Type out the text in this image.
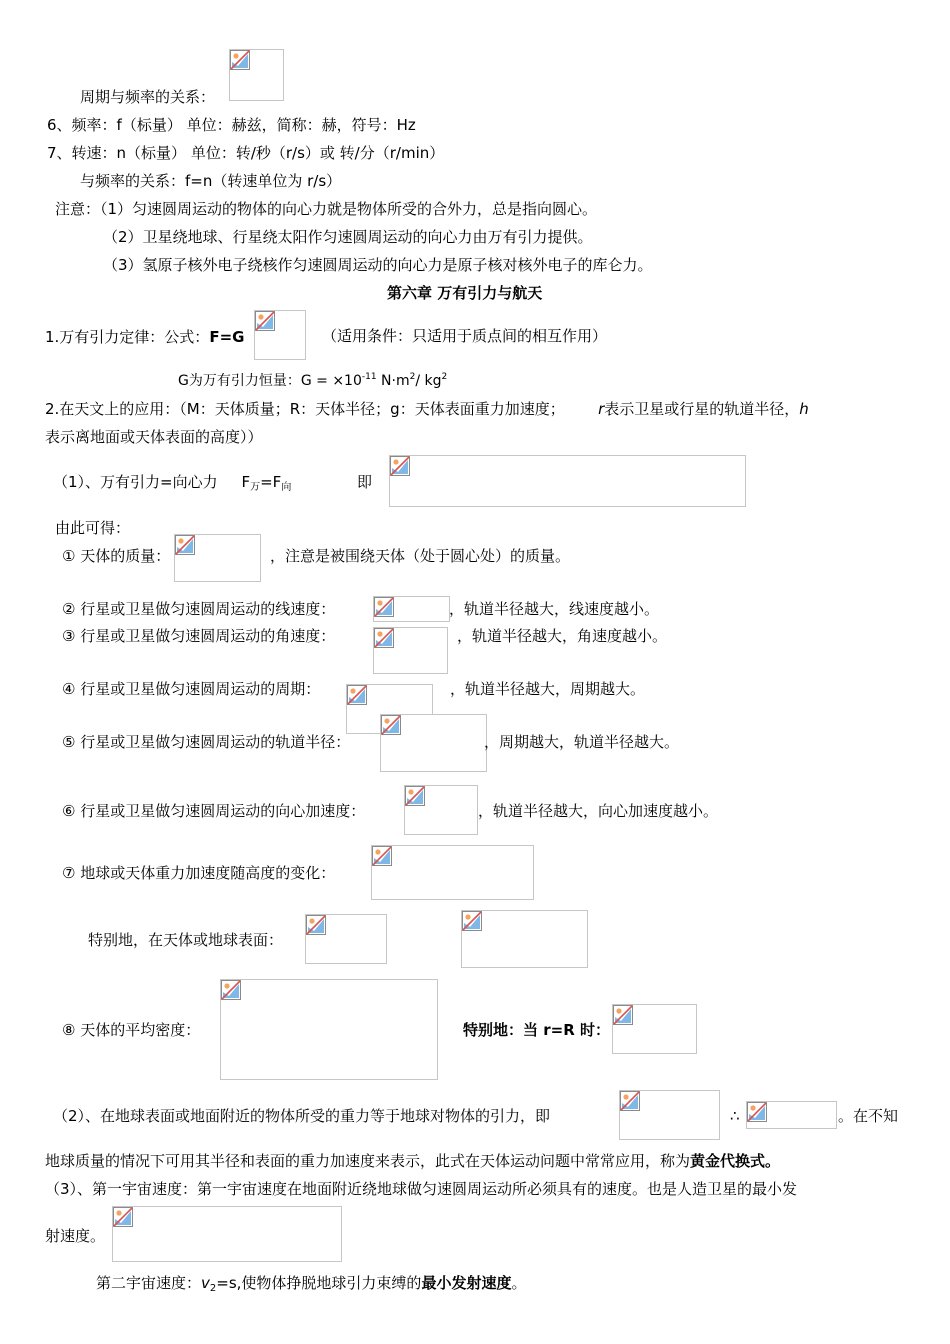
周期与频率的关系：
6、频率：f（标量） 单位：赫兹，简称：赫，符号：Hz
7、转速：n（标量） 单位：转/秒（r/s）或 转/分（r/min）
与频率的关系：f=n（转速单位为 r/s）
注意：（1）匀速圆周运动的物体的向心力就是物体所受的合外力，总是指向圆心。
（2）卫星绕地球、行星绕太阳作匀速圆周运动的向心力由万有引力提供。
（3）氢原子核外电子绕核作匀速圆周运动的向心力是原子核对核外电子的库仑力。
第六章 万有引力与航天
1.万有引力定律：公式：F=G	（适用条件：只适用于质点间的相互作用）
G为万有引力恒量：$G = \times 10^{-11}$ $N\cdot m^2/$ $kg^2$
2.在天文上的应用：（M：天体质量；R：天体半径；g：天体表面重力加速度； r表示卫星或行星的轨道半径，h
表示离地面或天体表面的高度））
（1）、万有引力=向心力 $F_万=F_向$	即
由此可得：
① 天体的质量：	，注意是被围绕天体（处于圆心处）的质量。
② 行星或卫星做匀速圆周运动的线速度：	，轨道半径越大，线速度越小。
③ 行星或卫星做匀速圆周运动的角速度：	，轨道半径越大，角速度越小。
④ 行星或卫星做匀速圆周运动的周期：	，轨道半径越大，周期越大。
⑤ 行星或卫星做匀速圆周运动的轨道半径：	，周期越大，轨道半径越大。
⑥ 行星或卫星做匀速圆周运动的向心加速度：	，轨道半径越大，向心加速度越小。
⑦ 地球或天体重力加速度随高度的变化：
特别地，在天体或地球表面：
⑧ 天体的平均密度：	特别地：当 r=R 时：
（2）、在地球表面或地面附近的物体所受的重力等于地球对物体的引力，即	∴	。在不知
地球质量的情况下可用其半径和表面的重力加速度来表示，此式在天体运动问题中常常应用，称为黄金代换式。
（3）、第一宇宙速度：第一宇宙速度在地面附近绕地球做匀速圆周运动所必须具有的速度。也是人造卫星的最小发
射速度。
第二宇宙速度：$v_2=s$,使物体挣脱地球引力束缚的最小发射速度。
